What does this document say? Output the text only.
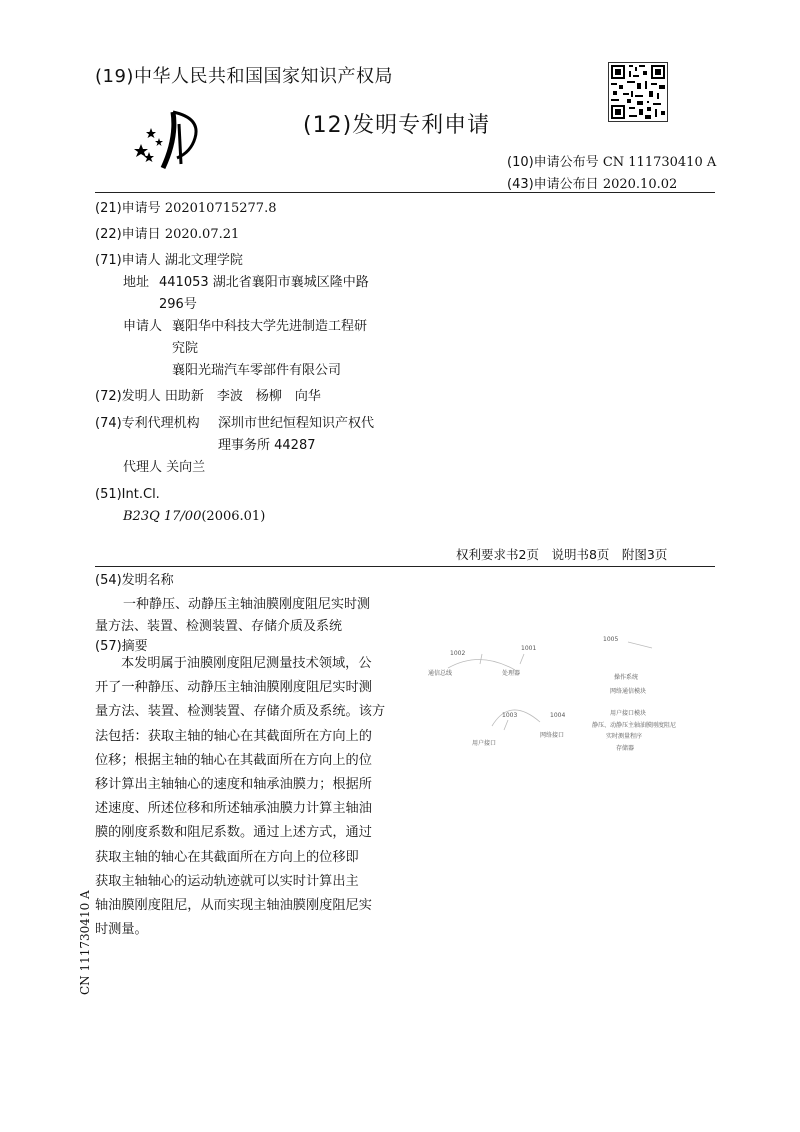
(19)中华人民共和国国家知识产权局
(12)发明专利申请
(10)申请公布号 CN 111730410 A
(43)申请公布日 2020.10.02
(21)申请号 202010715277.8
(22)申请日 2020.07.21
(71)申请人 湖北文理学院
地址 441053 湖北省襄阳市襄城区隆中路
296号
申请人 襄阳华中科技大学先进制造工程研
究院
襄阳光瑞汽车零部件有限公司
(72)发明人 田助新　李波　杨柳　向华
(74)专利代理机构 深圳市世纪恒程知识产权代
理事务所 44287
代理人 关向兰
(51)Int.Cl.
B23Q 17/00(2006.01)
权利要求书2页　说明书8页　附图3页
(54)发明名称
一种静压、动静压主轴油膜刚度阻尼实时测
量方法、装置、检测装置、存储介质及系统
(57)摘要
本发明属于油膜刚度阻尼测量技术领域，公
开了一种静压、动静压主轴油膜刚度阻尼实时测
量方法、装置、检测装置、存储介质及系统。该方
法包括：获取主轴的轴心在其截面所在方向上的
位移；根据主轴的轴心在其截面所在方向上的位
移计算出主轴轴心的速度和轴承油膜力；根据所
述速度、所述位移和所述轴承油膜力计算主轴油
膜的刚度系数和阻尼系数。通过上述方式，通过
获取主轴的轴心在其截面所在方向上的位移即
获取主轴轴心的运动轨迹就可以实时计算出主
轴油膜刚度阻尼，从而实现主轴油膜刚度阻尼实
时测量。
1002
1001
1005
通信总线	处理器
操作系统
网络通信模块
1003	1004	用户接口模块
静压、动静压主轴油膜刚度阻尼
实时测量程序
存储器
用户接口
网络接口
CN 111730410 A
